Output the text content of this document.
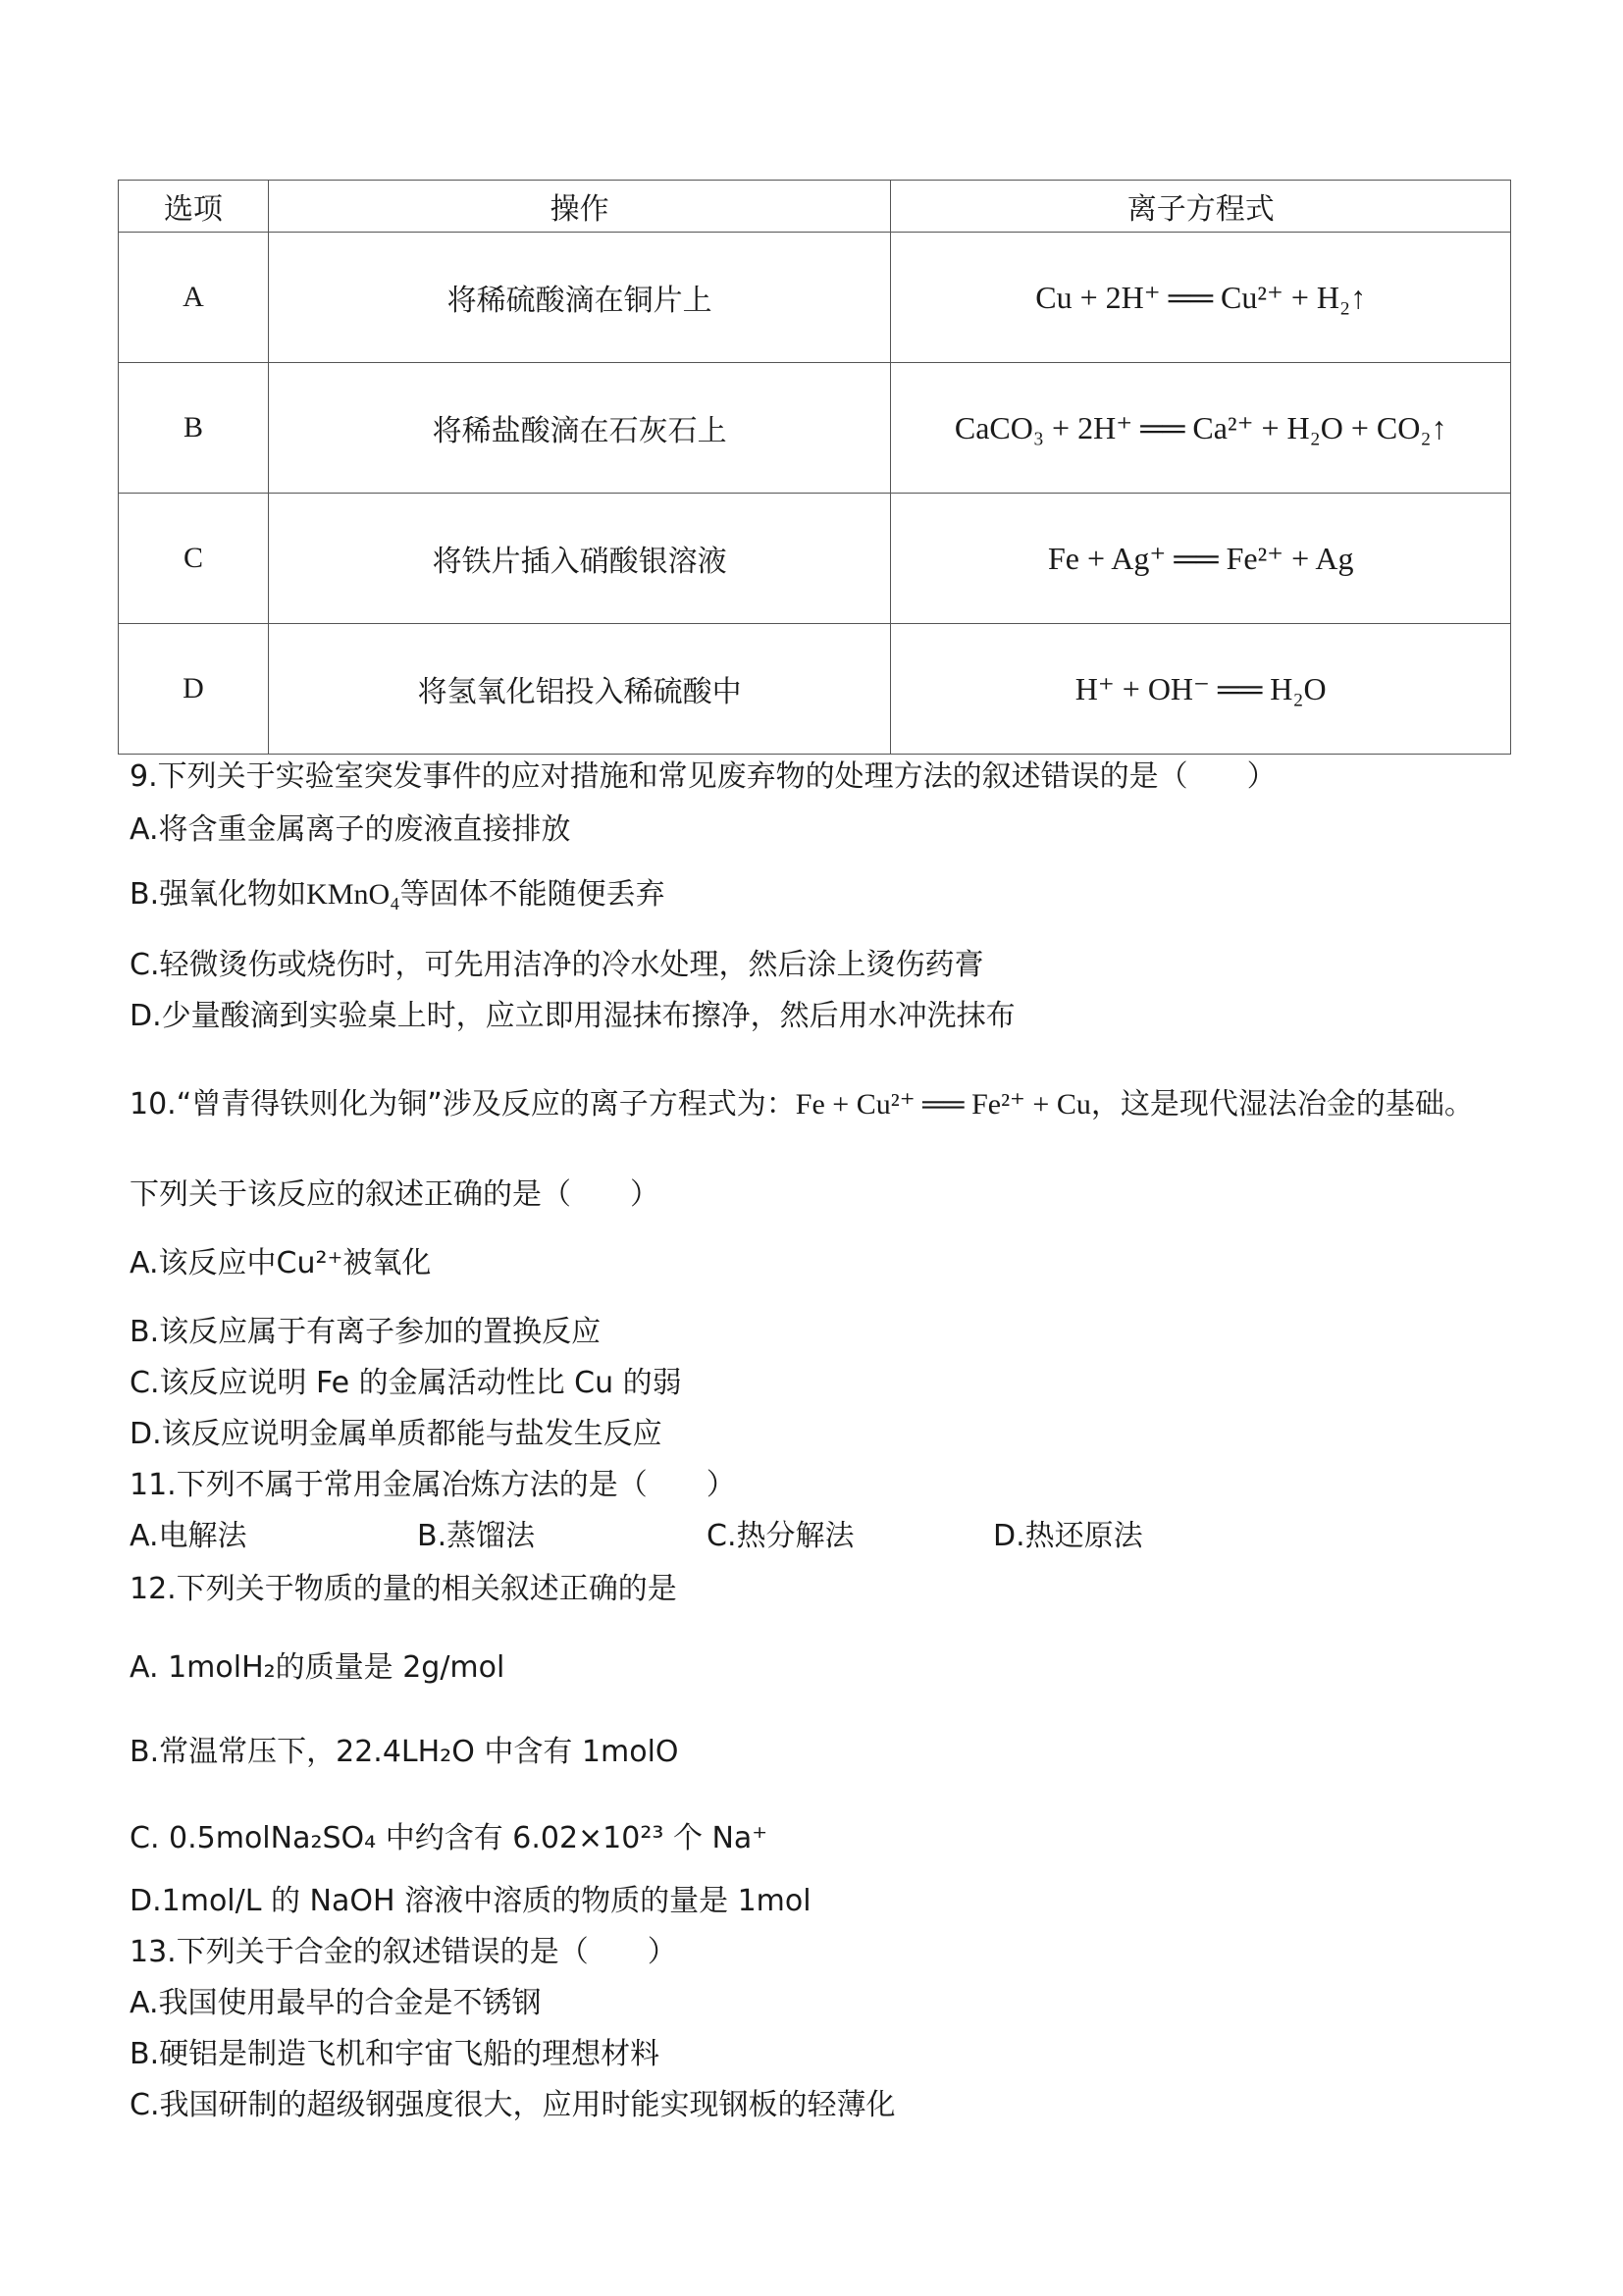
选项	操作	离子方程式
A	将稀硫酸滴在铜片上	Cu + 2H⁺ ══ Cu²⁺ + H₂↑
B	将稀盐酸滴在石灰石上	CaCO₃ + 2H⁺ ══ Ca²⁺ + H₂O + CO₂↑
C	将铁片插入硝酸银溶液	Fe + Ag⁺ ══ Fe²⁺ + Ag
D	将氢氧化铝投入稀硫酸中	H⁺ + OH⁻ ══ H₂O
9.下列关于实验室突发事件的应对措施和常见废弃物的处理方法的叙述错误的是（　　）
A.将含重金属离子的废液直接排放
B.强氧化物如KMnO₄等固体不能随便丢弃
C.轻微烫伤或烧伤时，可先用洁净的冷水处理，然后涂上烫伤药膏
D.少量酸滴到实验桌上时，应立即用湿抹布擦净，然后用水冲洗抹布
10.“曾青得铁则化为铜”涉及反应的离子方程式为：Fe + Cu²⁺ ══ Fe²⁺ + Cu，这是现代湿法冶金的基础。
下列关于该反应的叙述正确的是（　　）
A.该反应中Cu²⁺被氧化
B.该反应属于有离子参加的置换反应
C.该反应说明 Fe 的金属活动性比 Cu 的弱
D.该反应说明金属单质都能与盐发生反应
11.下列不属于常用金属冶炼方法的是（　　）
A.电解法	B.蒸馏法	C.热分解法	D.热还原法
12.下列关于物质的量的相关叙述正确的是
A. 1molH₂的质量是 2g/mol
B.常温常压下，22.4LH₂O 中含有 1molO
C. 0.5molNa₂SO₄ 中约含有 6.02×10²³ 个 Na⁺
D.1mol/L 的 NaOH 溶液中溶质的物质的量是 1mol
13.下列关于合金的叙述错误的是（　　）
A.我国使用最早的合金是不锈钢
B.硬铝是制造飞机和宇宙飞船的理想材料
C.我国研制的超级钢强度很大，应用时能实现钢板的轻薄化
